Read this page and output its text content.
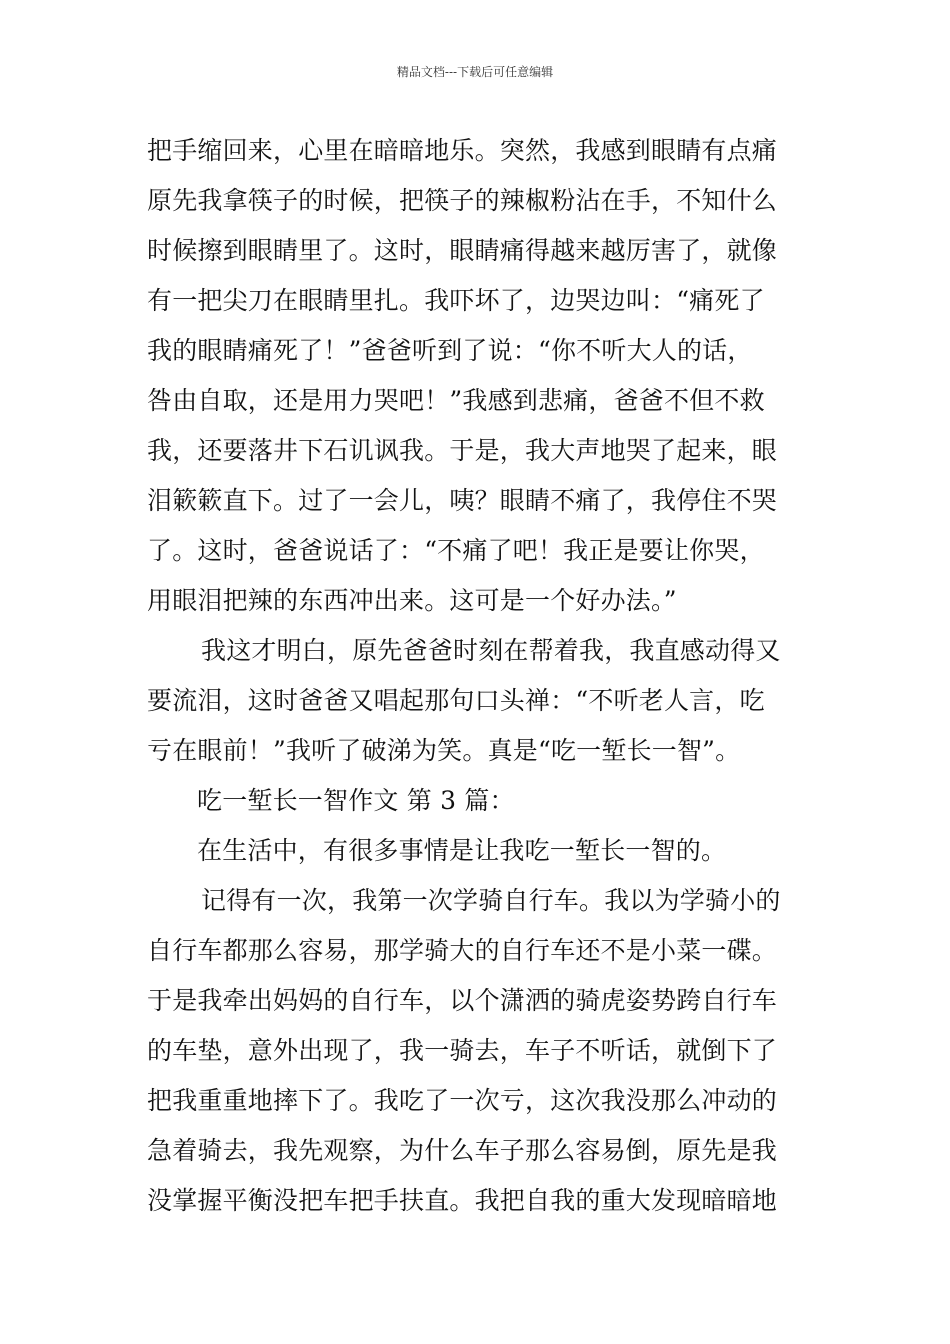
精品文档---下载后可任意编辑
把手缩回来，心里在暗暗地乐。突然，我感到眼睛有点痛
原先我拿筷子的时候，把筷子的辣椒粉沾在手，不知什么
时候擦到眼睛里了。这时，眼睛痛得越来越厉害了，就像
有一把尖刀在眼睛里扎。我吓坏了，边哭边叫：“痛死了
我的眼睛痛死了！”爸爸听到了说：“你不听大人的话，
咎由自取，还是用力哭吧！”我感到悲痛，爸爸不但不救
我，还要落井下石讥讽我。于是，我大声地哭了起来，眼
泪簌簌直下。过了一会儿，咦？眼睛不痛了，我停住不哭
了。这时，爸爸说话了：“不痛了吧！我正是要让你哭，
用眼泪把辣的东西冲出来。这可是一个好办法。”
我这才明白，原先爸爸时刻在帮着我，我直感动得又
要流泪，这时爸爸又唱起那句口头禅：“不听老人言，吃
亏在眼前！”我听了破涕为笑。真是“吃一堑长一智”。
吃一堑长一智作文 第 3 篇：
在生活中，有很多事情是让我吃一堑长一智的。
记得有一次，我第一次学骑自行车。我以为学骑小的
自行车都那么容易，那学骑大的自行车还不是小菜一碟。
于是我牵出妈妈的自行车，以个潇洒的骑虎姿势跨自行车
的车垫，意外出现了，我一骑去，车子不听话，就倒下了
把我重重地摔下了。我吃了一次亏，这次我没那么冲动的
急着骑去，我先观察，为什么车子那么容易倒，原先是我
没掌握平衡没把车把手扶直。我把自我的重大发现暗暗地
